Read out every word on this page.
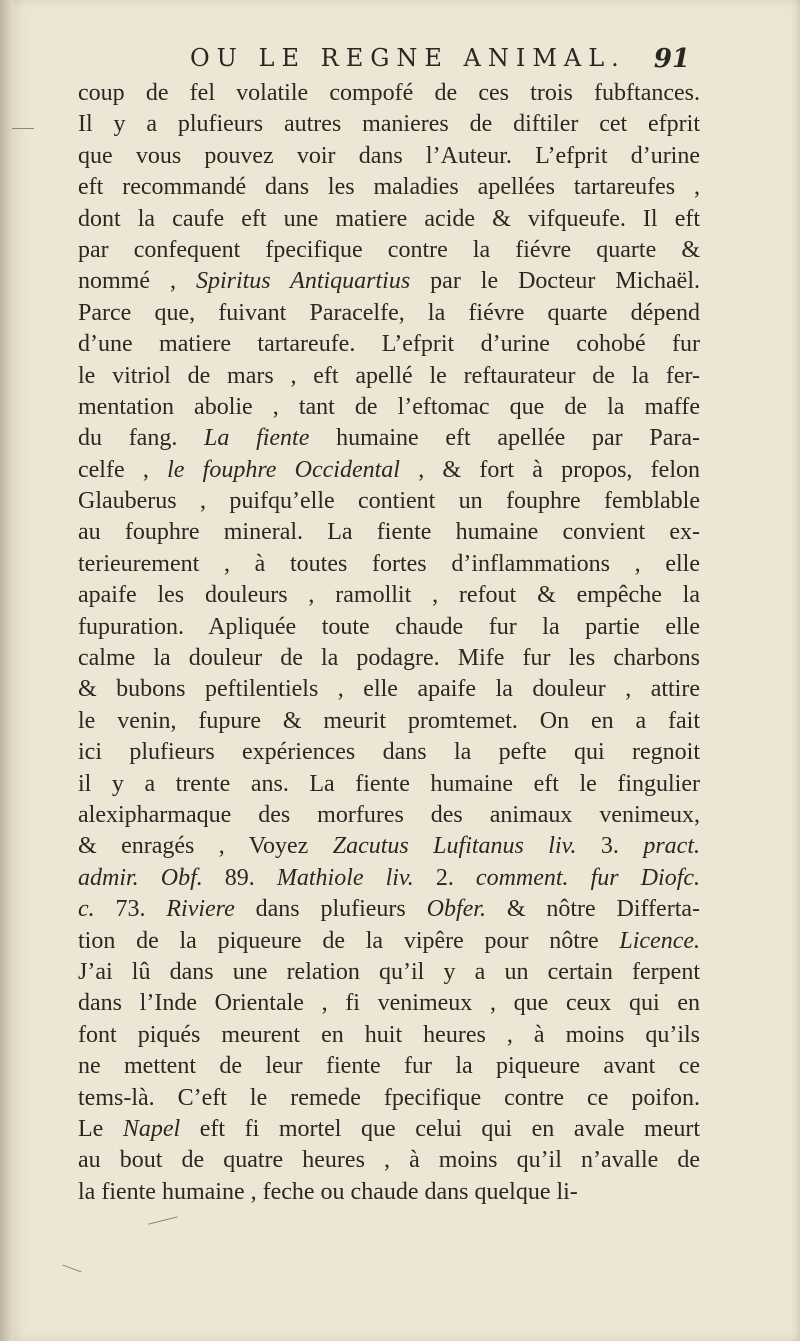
OU LE REGNE ANIMAL. 91
coup de fel volatile compofé de ces trois fubftances.
Il y a plufieurs autres manieres de diftiler cet efprit
que vous pouvez voir dans l’Auteur. L’efprit d’urine
eft recommandé dans les maladies apellées tartareufes ,
dont la caufe eft une matiere acide & vifqueufe. Il eft
par confequent fpecifique contre la fiévre quarte &
nommé , Spiritus Antiquartius par le Docteur Michaël.
Parce que, fuivant Paracelfe, la fiévre quarte dépend
d’une matiere tartareufe. L’efprit d’urine cohobé fur
le vitriol de mars , eft apellé le reftaurateur de la fer-
mentation abolie , tant de l’eftomac que de la maffe
du fang. La fiente humaine eft apellée par Para-
celfe , le fouphre Occidental , & fort à propos, felon
Glauberus , puifqu’elle contient un fouphre femblable
au fouphre mineral. La fiente humaine convient ex-
terieurement , à toutes fortes d’inflammations , elle
apaife les douleurs , ramollit , refout & empêche la
fupuration. Apliquée toute chaude fur la partie elle
calme la douleur de la podagre. Mife fur les charbons
& bubons peftilentiels , elle apaife la douleur , attire
le venin, fupure & meurit promtemet. On en a fait
ici plufieurs expériences dans la pefte qui regnoit
il y a trente ans. La fiente humaine eft le fingulier
alexipharmaque des morfures des animaux venimeux,
& enragés , Voyez Zacutus Lufitanus liv. 3. pract.
admir. Obf. 89. Mathiole liv. 2. comment. fur Diofc.
c. 73. Riviere dans plufieurs Obfer. & nôtre Differta-
tion de la piqueure de la vipêre pour nôtre Licence.
J’ai lû dans une relation qu’il y a un certain ferpent
dans l’Inde Orientale , fi venimeux , que ceux qui en
font piqués meurent en huit heures , à moins qu’ils
ne mettent de leur fiente fur la piqueure avant ce
tems-là. C’eft le remede fpecifique contre ce poifon.
Le Napel eft fi mortel que celui qui en avale meurt
au bout de quatre heures , à moins qu’il n’avalle de
la fiente humaine , feche ou chaude dans quelque li-
